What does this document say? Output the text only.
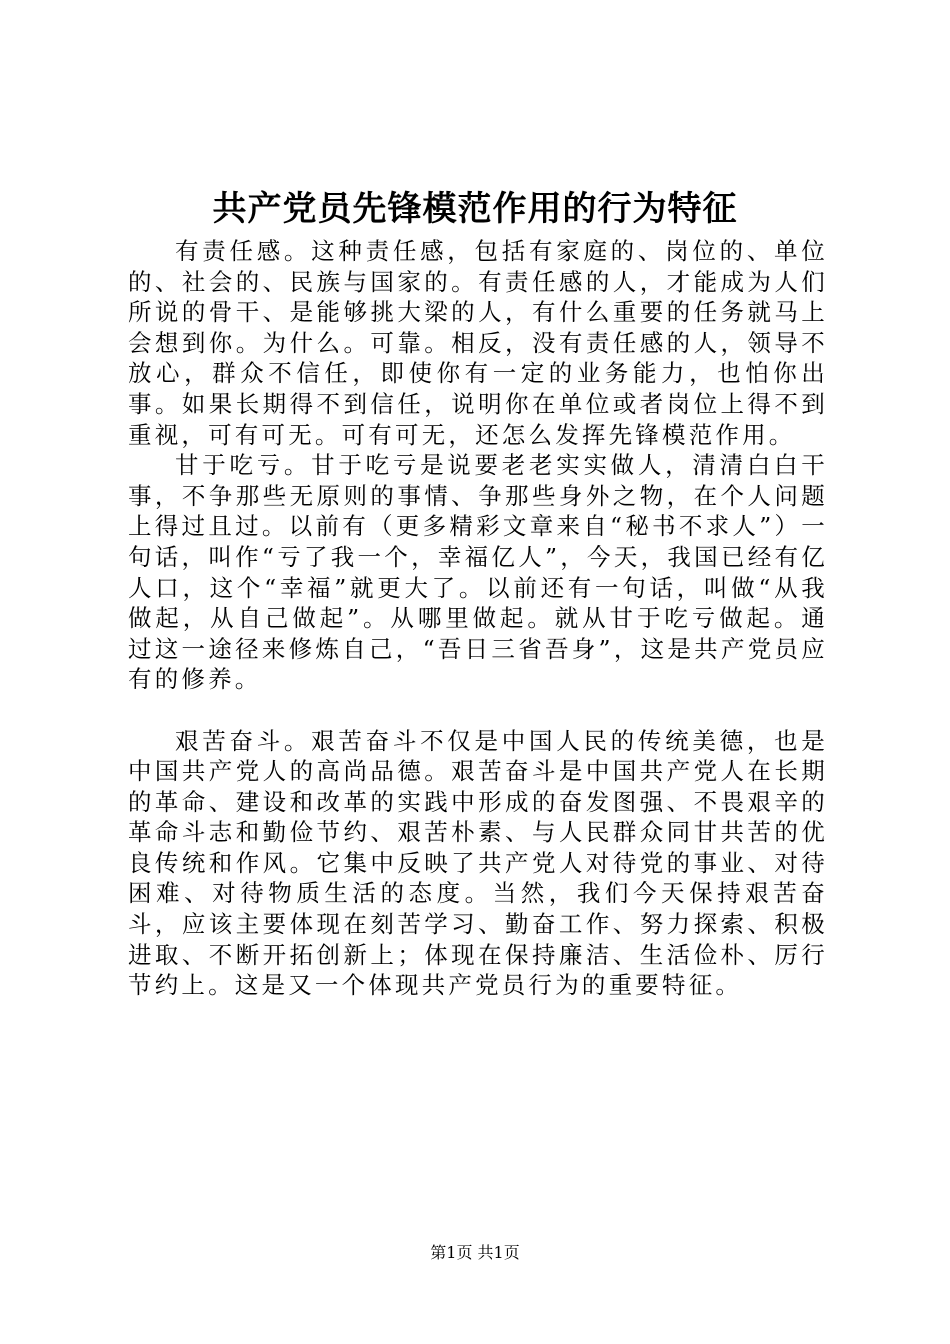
共产党员先锋模范作用的行为特征

有责任感。这种责任感，包括有家庭的、岗位的、单位的、社会的、民族与国家的。有责任感的人，才能成为人们所说的骨干、是能够挑大梁的人，有什么重要的任务就马上会想到你。为什么。可靠。相反，没有责任感的人，领导不放心，群众不信任，即使你有一定的业务能力，也怕你出事。如果长期得不到信任，说明你在单位或者岗位上得不到重视，可有可无。可有可无，还怎么发挥先锋模范作用。

甘于吃亏。甘于吃亏是说要老老实实做人，清清白白干事，不争那些无原则的事情、争那些身外之物，在个人问题上得过且过。以前有（更多精彩文章来自“秘书不求人”）一句话，叫作“亏了我一个，幸福亿人”，今天，我国已经有亿人口，这个“幸福”就更大了。以前还有一句话，叫做“从我做起，从自己做起”。从哪里做起。就从甘于吃亏做起。通过这一途径来修炼自己，“吾日三省吾身”，这是共产党员应有的修养。

艰苦奋斗。艰苦奋斗不仅是中国人民的传统美德，也是中国共产党人的高尚品德。艰苦奋斗是中国共产党人在长期的革命、建设和改革的实践中形成的奋发图强、不畏艰辛的革命斗志和勤俭节约、艰苦朴素、与人民群众同甘共苦的优良传统和作风。它集中反映了共产党人对待党的事业、对待困难、对待物质生活的态度。当然，我们今天保持艰苦奋斗，应该主要体现在刻苦学习、勤奋工作、努力探索、积极进取、不断开拓创新上；体现在保持廉洁、生活俭朴、厉行节约上。这是又一个体现共产党员行为的重要特征。

第1页 共1页
